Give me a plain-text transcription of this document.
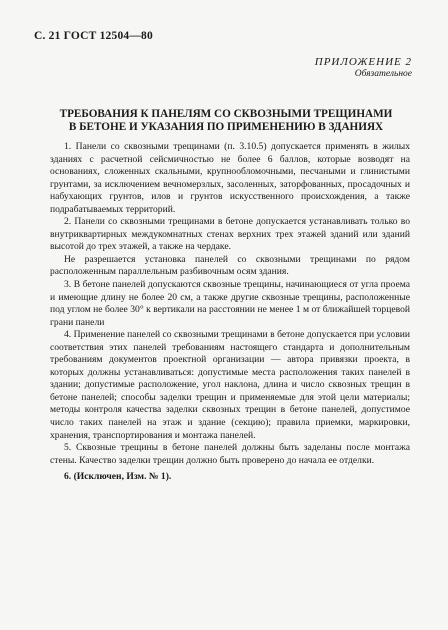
С. 21 ГОСТ 12504—80
ПРИЛОЖЕНИЕ 2
Обязательное
ТРЕБОВАНИЯ К ПАНЕЛЯМ СО СКВОЗНЫМИ ТРЕЩИНАМИ
В БЕТОНЕ И УКАЗАНИЯ ПО ПРИМЕНЕНИЮ В ЗДАНИЯХ

1. Панели со сквозными трещинами (п. 3.10.5) допускается применять в жилых зданиях с расчетной сейсмичностью не более 6 баллов, которые возводят на основаниях, сложенных скальными, крупнообломочными, песчаными и глинистыми грунтами, за исключением вечномерзлых, засоленных, заторфованных, просадочных и набухающих грунтов, илов и грунтов искусственного происхождения, а также подрабатываемых территорий.

2. Панели со сквозными трещинами в бетоне допускается устанавливать только во внутриквартирных междукомнатных стенах верхних трех этажей зданий или зданий высотой до трех этажей, а также на чердаке.

Не разрешается установка панелей со сквозными трещинами по рядом расположенным параллельным разбивочным осям здания.

3. В бетоне панелей допускаются сквозные трещины, начинающиеся от угла проема и имеющие длину не более 20 см, а также другие сквозные трещины, расположенные под углом не более 30° к вертикали на расстоянии не менее 1 м от ближайшей торцевой грани панели

4. Применение панелей со сквозными трещинами в бетоне допускается при условии соответствия этих панелей требованиям настоящего стандарта и дополнительным требованиям документов проектной организации — автора привязки проекта, в которых должны устанавливаться: допустимые места расположения таких панелей в здании; допустимые расположение, угол наклона, длина и число сквозных трещин в бетоне панелей; способы заделки трещин и применяемые для этой цели материалы; методы контроля качества заделки сквозных трещин в бетоне панелей, допустимое число таких панелей на этаж и здание (секцию); правила приемки, маркировки, хранения, транспортирования и монтажа панелей.

5. Сквозные трещины в бетоне панелей должны быть заделаны после монтажа стены. Качество заделки трещин должно быть проверено до начала ее отделки.

6. (Исключен, Изм. № 1).
